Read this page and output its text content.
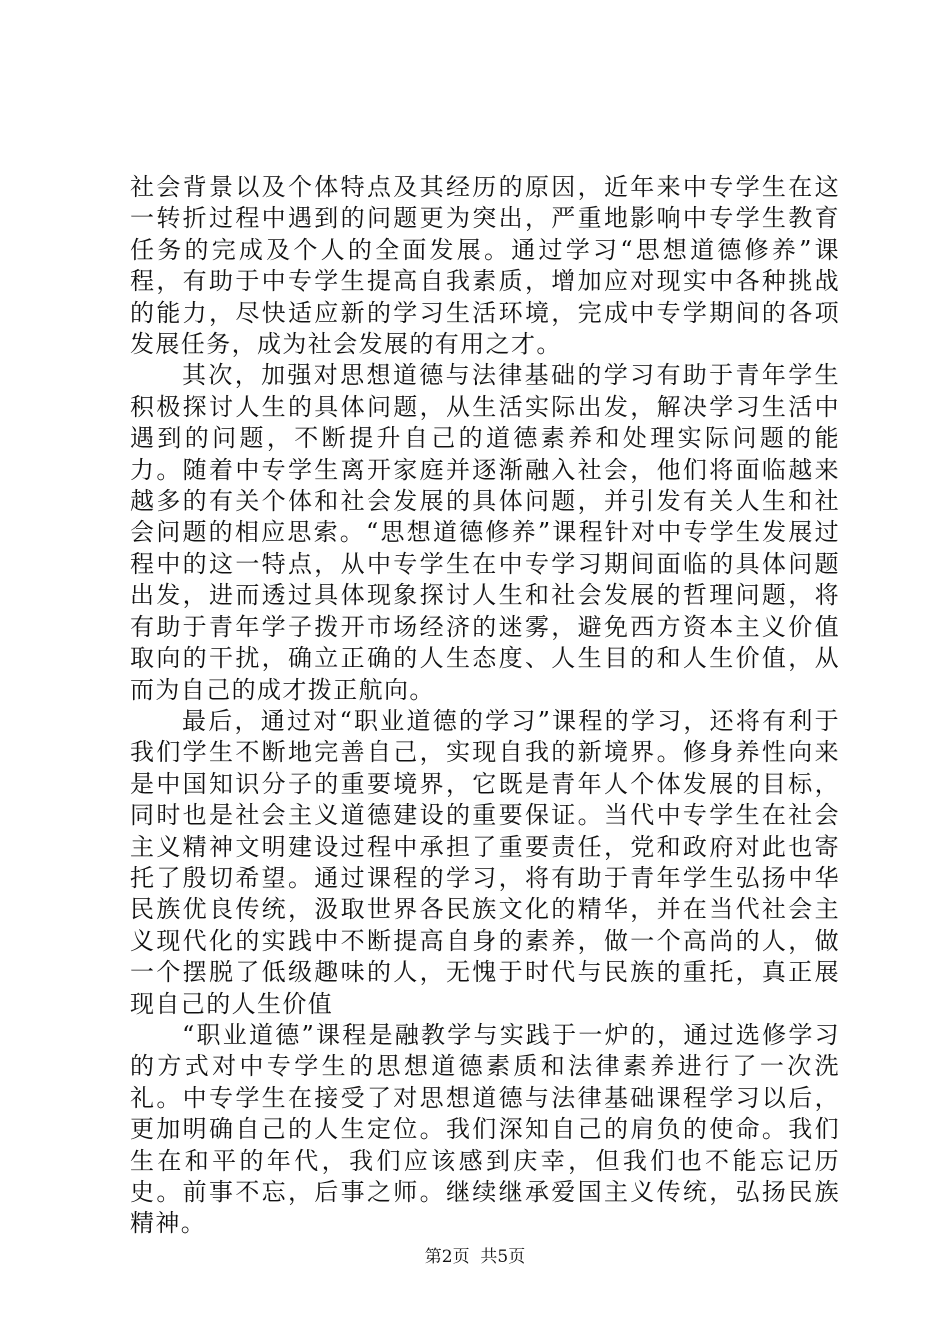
社会背景以及个体特点及其经历的原因，近年来中专学生在这一转折过程中遇到的问题更为突出，严重地影响中专学生教育任务的完成及个人的全面发展。通过学习“思想道德修养”课程，有助于中专学生提高自我素质，增加应对现实中各种挑战的能力，尽快适应新的学习生活环境，完成中专学期间的各项发展任务，成为社会发展的有用之才。

其次，加强对思想道德与法律基础的学习有助于青年学生积极探讨人生的具体问题，从生活实际出发，解决学习生活中遇到的问题，不断提升自己的道德素养和处理实际问题的能力。随着中专学生离开家庭并逐渐融入社会，他们将面临越来越多的有关个体和社会发展的具体问题，并引发有关人生和社会问题的相应思索。“思想道德修养”课程针对中专学生发展过程中的这一特点，从中专学生在中专学习期间面临的具体问题出发，进而透过具体现象探讨人生和社会发展的哲理问题，将有助于青年学子拨开市场经济的迷雾，避免西方资本主义价值取向的干扰，确立正确的人生态度、人生目的和人生价值，从而为自己的成才拨正航向。

最后，通过对“职业道德的学习”课程的学习，还将有利于我们学生不断地完善自己，实现自我的新境界。修身养性向来是中国知识分子的重要境界，它既是青年人个体发展的目标，同时也是社会主义道德建设的重要保证。当代中专学生在社会主义精神文明建设过程中承担了重要责任，党和政府对此也寄托了殷切希望。通过课程的学习，将有助于青年学生弘扬中华民族优良传统，汲取世界各民族文化的精华，并在当代社会主义现代化的实践中不断提高自身的素养，做一个高尚的人，做一个摆脱了低级趣味的人，无愧于时代与民族的重托，真正展现自己的人生价值

“职业道德”课程是融教学与实践于一炉的，通过选修学习的方式对中专学生的思想道德素质和法律素养进行了一次洗礼。中专学生在接受了对思想道德与法律基础课程学习以后，更加明确自己的人生定位。我们深知自己的肩负的使命。我们生在和平的年代，我们应该感到庆幸，但我们也不能忘记历史。前事不忘，后事之师。继续继承爱国主义传统，弘扬民族精神。

第2页  共5页
